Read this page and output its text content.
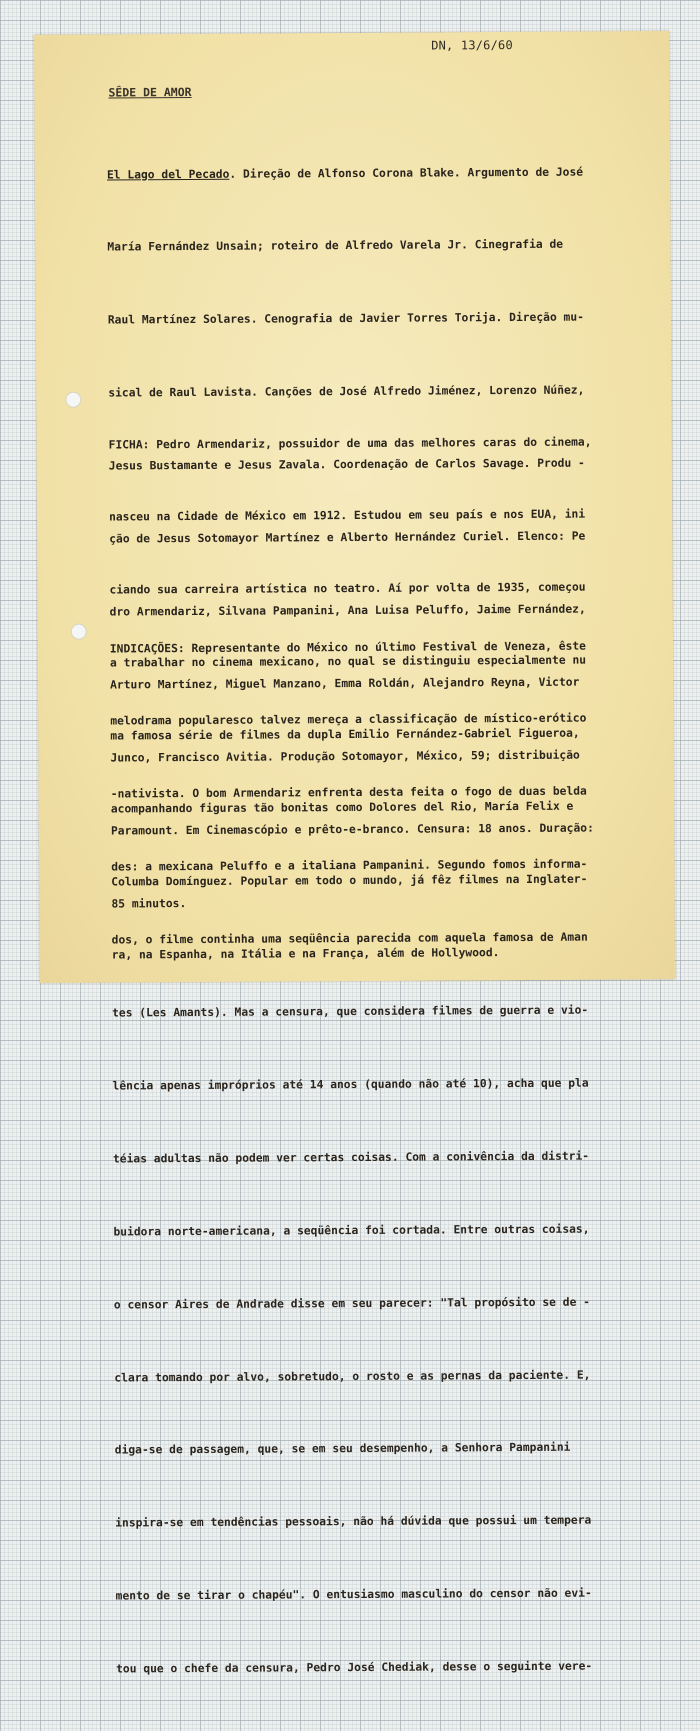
DN, 13/6/60
SÊDE DE AMOR

El Lago del Pecado. Direção de Alfonso Corona Blake. Argumento de José

María Fernández Unsain; roteiro de Alfredo Varela Jr. Cinegrafia de

Raul Martínez Solares. Cenografia de Javier Torres Torija. Direção mu-

sical de Raul Lavista. Canções de José Alfredo Jiménez, Lorenzo Núñez,

Jesus Bustamante e Jesus Zavala. Coordenação de Carlos Savage. Produ -

ção de Jesus Sotomayor Martínez e Alberto Hernández Curiel. Elenco: Pe

dro Armendariz, Silvana Pampanini, Ana Luisa Peluffo, Jaime Fernández,

Arturo Martínez, Miguel Manzano, Emma Roldán, Alejandro Reyna, Victor

Junco, Francisco Avitia. Produção Sotomayor, México, 59; distribuição

Paramount. Em Cinemascópio e prêto-e-branco. Censura: 18 anos. Duração:

85 minutos.

FICHA: Pedro Armendariz, possuidor de uma das melhores caras do cinema,

nasceu na Cidade de México em 1912. Estudou em seu país e nos EUA, ini

ciando sua carreira artística no teatro. Aí por volta de 1935, começou

a trabalhar no cinema mexicano, no qual se distinguiu especialmente nu

ma famosa série de filmes da dupla Emilio Fernández-Gabriel Figueroa,

acompanhando figuras tão bonitas como Dolores del Rio, María Felix e

Columba Domínguez. Popular em todo o mundo, já fêz filmes na Inglater-

ra, na Espanha, na Itália e na França, além de Hollywood.

INDICAÇÕES: Representante do México no último Festival de Veneza, êste

melodrama popularesco talvez mereça a classificação de místico-erótico

-nativista. O bom Armendariz enfrenta desta feita o fogo de duas belda

des: a mexicana Peluffo e a italiana Pampanini. Segundo fomos informa-

dos, o filme continha uma seqüência parecida com aquela famosa de Aman

tes (Les Amants). Mas a censura, que considera filmes de guerra e vio-

lência apenas impróprios até 14 anos (quando não até 10), acha que pla

téias adultas não podem ver certas coisas. Com a conivência da distri-

buidora norte-americana, a seqüência foi cortada. Entre outras coisas,

o censor Aires de Andrade disse em seu parecer: "Tal propósito se de -

clara tomando por alvo, sobretudo, o rosto e as pernas da paciente. E,

diga-se de passagem, que, se em seu desempenho, a Senhora Pampanini

inspira-se em tendências pessoais, não há dúvida que possui um tempera

mento de se tirar o chapéu". O entusiasmo masculino do censor não evi-

tou que o chefe da censura, Pedro José Chediak, desse o seguinte vere-
